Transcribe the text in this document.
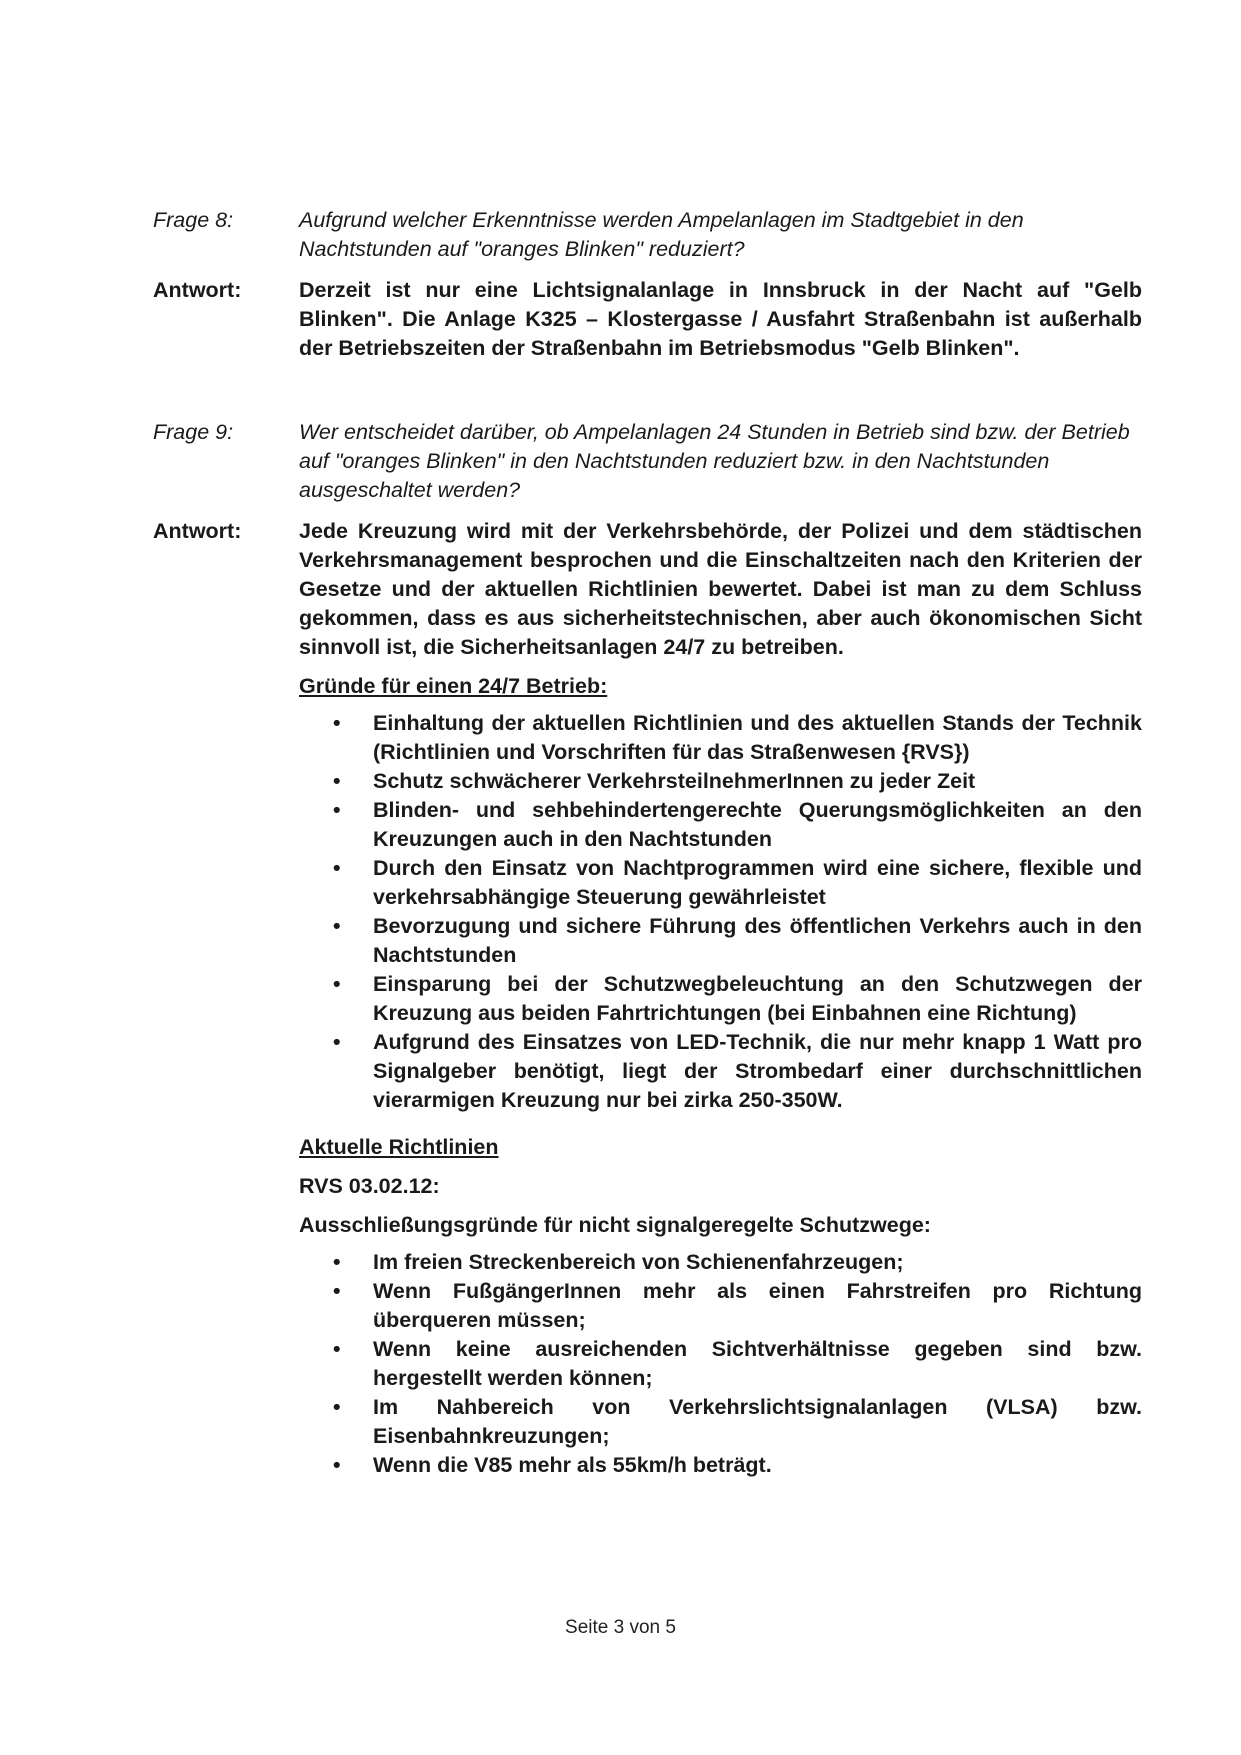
Frage 8:	Aufgrund welcher Erkenntnisse werden Ampelanlagen im Stadtgebiet in den Nachtstunden auf "oranges Blinken" reduziert?
Antwort:	Derzeit ist nur eine Lichtsignalanlage in Innsbruck in der Nacht auf "Gelb Blinken". Die Anlage K325 – Klostergasse / Ausfahrt Straßenbahn ist außerhalb der Betriebszeiten der Straßenbahn im Betriebsmodus "Gelb Blinken".
Frage 9:	Wer entscheidet darüber, ob Ampelanlagen 24 Stunden in Betrieb sind bzw. der Betrieb auf "oranges Blinken" in den Nachtstunden reduziert bzw. in den Nachtstunden ausgeschaltet werden?
Antwort:	Jede Kreuzung wird mit der Verkehrsbehörde, der Polizei und dem städtischen Verkehrsmanagement besprochen und die Einschaltzeiten nach den Kriterien der Gesetze und der aktuellen Richtlinien bewertet. Dabei ist man zu dem Schluss gekommen, dass es aus sicherheitstechnischen, aber auch ökonomischen Sicht sinnvoll ist, die Sicherheitsanlagen 24/7 zu betreiben.
Gründe für einen 24/7 Betrieb:
• Einhaltung der aktuellen Richtlinien und des aktuellen Stands der Technik (Richtlinien und Vorschriften für das Straßenwesen {RVS})
• Schutz schwächerer VerkehrsteilnehmerInnen zu jeder Zeit
• Blinden- und sehbehindertengerechte Querungsmöglichkeiten an den Kreuzungen auch in den Nachtstunden
• Durch den Einsatz von Nachtprogrammen wird eine sichere, flexible und verkehrsabhängige Steuerung gewährleistet
• Bevorzugung und sichere Führung des öffentlichen Verkehrs auch in den Nachtstunden
• Einsparung bei der Schutzwegbeleuchtung an den Schutzwegen der Kreuzung aus beiden Fahrtrichtungen (bei Einbahnen eine Richtung)
• Aufgrund des Einsatzes von LED-Technik, die nur mehr knapp 1 Watt pro Signalgeber benötigt, liegt der Strombedarf einer durchschnittlichen vierarmigen Kreuzung nur bei zirka 250-350W.
Aktuelle Richtlinien
RVS 03.02.12:
Ausschließungsgründe für nicht signalgeregelte Schutzwege:
• Im freien Streckenbereich von Schienenfahrzeugen;
• Wenn FußgängerInnen mehr als einen Fahrstreifen pro Richtung überqueren müssen;
• Wenn keine ausreichenden Sichtverhältnisse gegeben sind bzw. hergestellt werden können;
• Im Nahbereich von Verkehrslichtsignalanlagen (VLSA) bzw. Eisenbahnkreuzungen;
• Wenn die V85 mehr als 55km/h beträgt.
Seite 3 von 5
